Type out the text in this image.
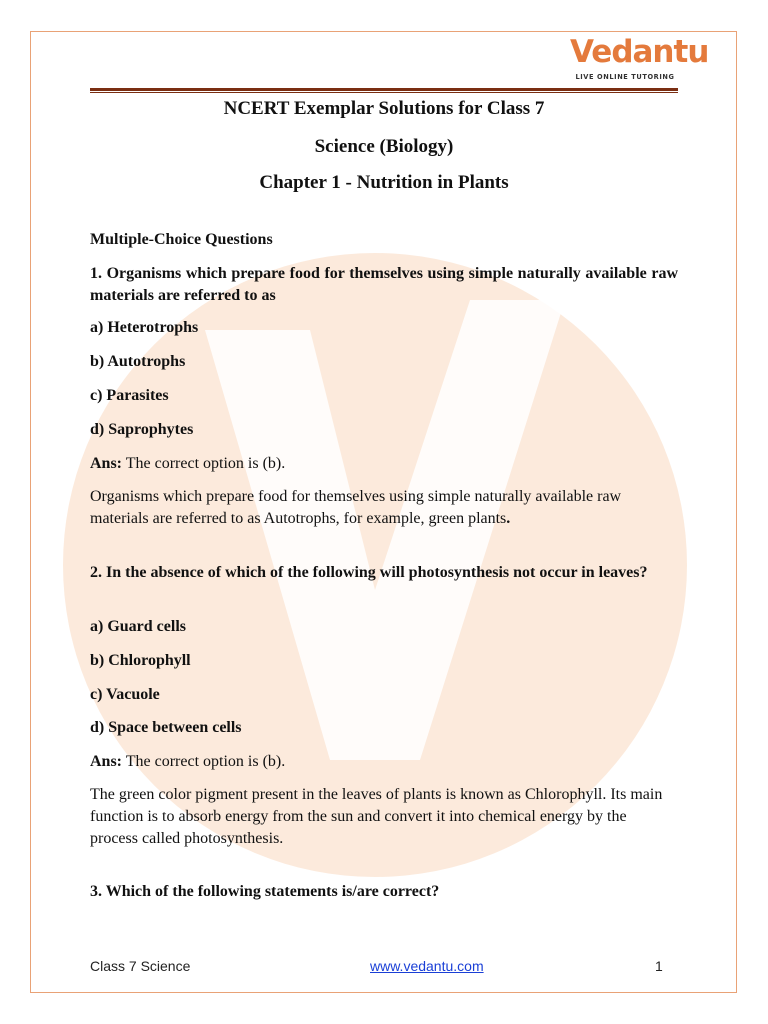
Vedantu
LIVE ONLINE TUTORING
NCERT Exemplar Solutions for Class 7
Science (Biology)
Chapter 1 - Nutrition in Plants

Multiple-Choice Questions

1. Organisms which prepare food for themselves using simple naturally available raw materials are referred to as

a) Heterotrophs

b) Autotrophs

c) Parasites

d) Saprophytes

Ans: The correct option is (b).

Organisms which prepare food for themselves using simple naturally available raw materials are referred to as Autotrophs, for example, green plants.

2. In the absence of which of the following will photosynthesis not occur in leaves?

a) Guard cells

b) Chlorophyll

c) Vacuole

d) Space between cells

Ans: The correct option is (b).

The green color pigment present in the leaves of plants is known as Chlorophyll. Its main function is to absorb energy from the sun and convert it into chemical energy by the process called photosynthesis.

3. Which of the following statements is/are correct?

Class 7 Science	www.vedantu.com	1
